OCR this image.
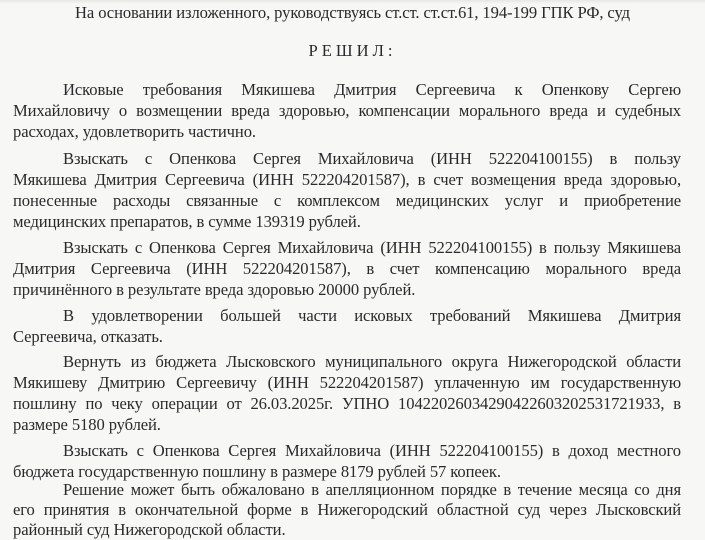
На основании изложенного, руководствуясь ст.ст. ст.ст.61, 194-199 ГПК РФ, суд
РЕШИЛ:
Исковые требования Мякишева Дмитрия Сергеевича к Опенкову Сергею
Михайловичу о возмещении вреда здоровью, компенсации морального вреда и судебных
расходах, удовлетворить частично.
Взыскать с Опенкова Сергея Михайловича (ИНН 522204100155) в пользу
Мякишева Дмитрия Сергеевича (ИНН 522204201587), в счет возмещения вреда здоровью,
понесенные расходы связанные с комплексом медицинских услуг и приобретение
медицинских препаратов, в сумме 139319 рублей.
Взыскать с Опенкова Сергея Михайловича (ИНН 522204100155) в пользу Мякишева
Дмитрия Сергеевича (ИНН 522204201587), в счет компенсацию морального вреда
причинённого в результате вреда здоровью 20000 рублей.
В удовлетворении большей части исковых требований Мякишева Дмитрия
Сергеевича, отказать.
Вернуть из бюджета Лысковского муниципального округа Нижегородской области
Мякишеву Дмитрию Сергеевичу (ИНН 522204201587) уплаченную им государственную
пошлину по чеку операции от 26.03.2025г. УПНО 10422026034290422603202531721933, в
размере 5180 рублей.
Взыскать с Опенкова Сергея Михайловича (ИНН 522204100155) в доход местного
бюджета государственную пошлину в размере 8179 рублей 57 копеек.
Решение может быть обжаловано в апелляционном порядке в течение месяца со дня
его принятия в окончательной форме в Нижегородский областной суд через Лысковский
районный суд Нижегородской области.
